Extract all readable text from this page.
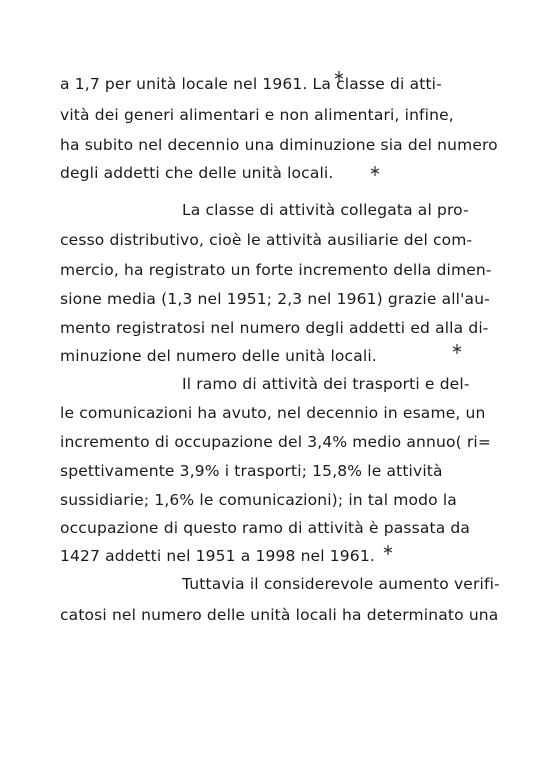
a 1,7 per unità locale nel 1961. La classe di atti-
vità dei generi alimentari e non alimentari, infine,
ha subito nel decennio una diminuzione sia del numero
degli addetti che delle unità locali.
La classe di attività collegata al pro-
cesso distributivo, cioè le attività ausiliarie del com-
mercio, ha registrato un forte incremento della dimen-
sione media (1,3 nel 1951; 2,3 nel 1961) grazie all'au-
mento registratosi nel numero degli addetti ed alla di-
minuzione del numero delle unità locali.
Il ramo di attività dei trasporti e del-
le comunicazioni ha avuto, nel decennio in esame, un
incremento di occupazione del 3,4% medio annuo( ri=
spettivamente 3,9% i trasporti; 15,8% le attività
sussidiarie; 1,6% le comunicazioni); in tal modo la
occupazione di questo ramo di attività è passata da
1427 addetti nel 1951 a 1998 nel 1961.
Tuttavia il considerevole aumento verifi-
catosi nel numero delle unità locali ha determinato una
